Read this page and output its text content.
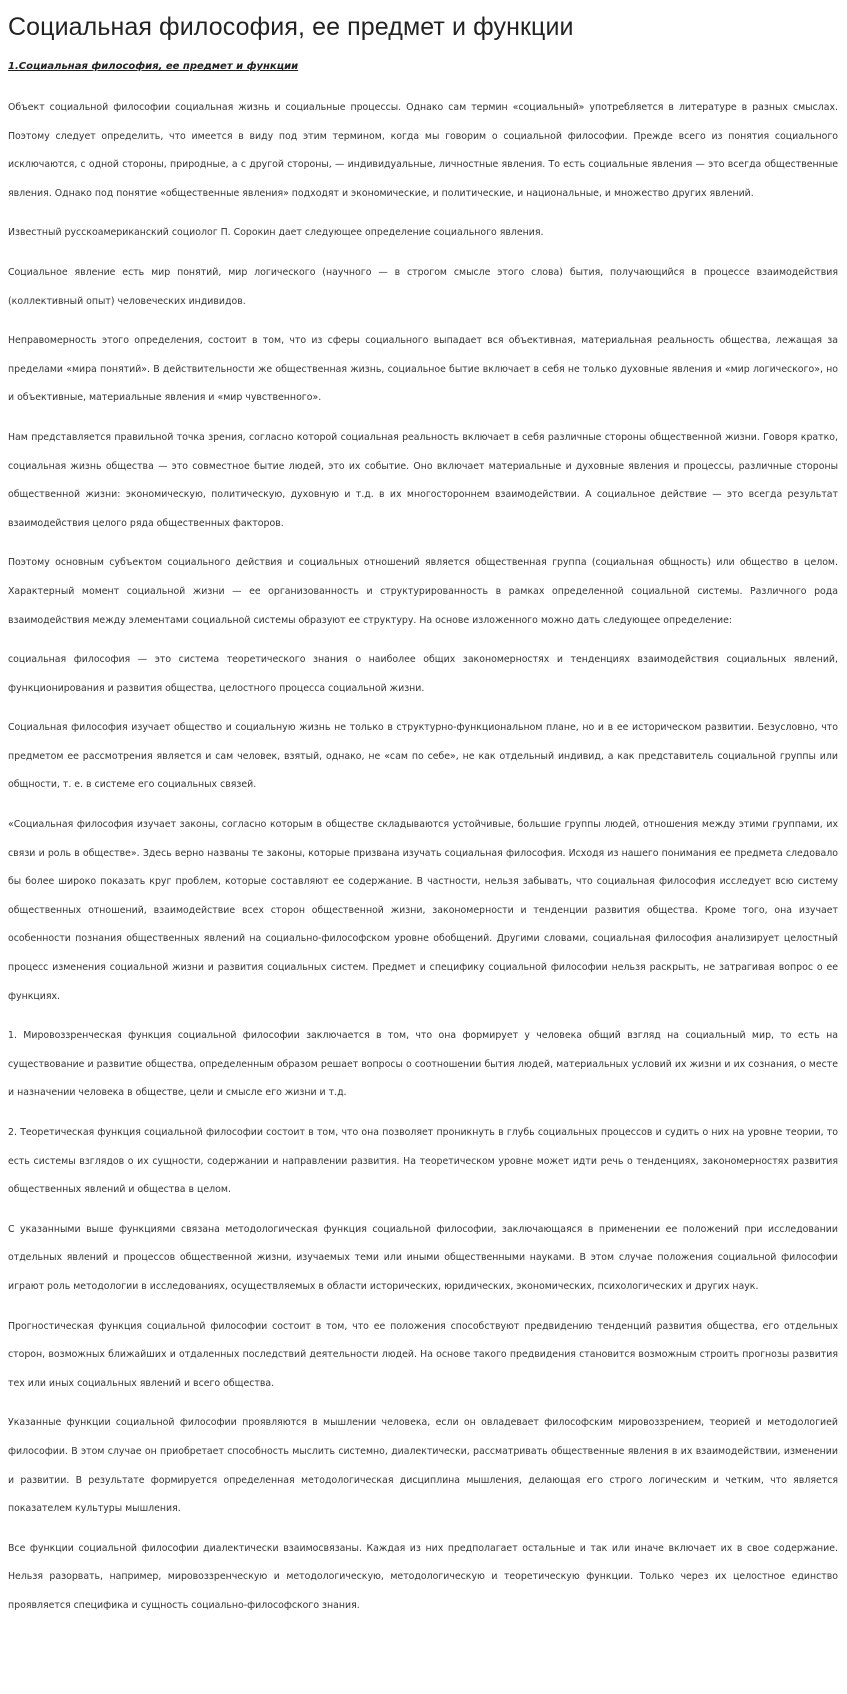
Социальная философия, ее предмет и функции
1.Социальная философия, ее предмет и функции

Объект социальной философии социальная жизнь и социальные процессы. Однако сам термин «социальный» употребляется в литературе в разных смыслах. Поэтому следует определить, что имеется в виду под этим термином, когда мы говорим о социальной философии. Прежде всего из понятия социального исключаются, с одной стороны, природные, а с другой стороны, — индивидуальные, личностные явления. То есть социальные явления — это всегда общественные явления. Однако под понятие «общественные явления» подходят и экономические, и политические, и национальные, и множество других явлений.

Известный русскоамериканский социолог П. Сорокин дает следующее определение социального явления.

Социальное явление есть мир понятий, мир логического (научного — в строгом смысле этого слова) бытия, получающийся в процессе взаимодействия (коллективный опыт) человеческих индивидов.

Неправомерность этого определения, состоит в том, что из сферы социального выпадает вся объективная, материальная реальность общества, лежащая за пределами «мира понятий». В действительности же общественная жизнь, социальное бытие включает в себя не только духовные явления и «мир логического», но и объективные, материальные явления и «мир чувственного».

Нам представляется правильной точка зрения, согласно которой социальная реальность включает в себя различные стороны общественной жизни. Говоря кратко, социальная жизнь общества — это совместное бытие людей, это их событие. Оно включает материальные и духовные явления и процессы, различные стороны общественной жизни: экономическую, политическую, духовную и т.д. в их многостороннем взаимодействии. А социальное действие — это всегда результат взаимодействия целого ряда общественных факторов.

Поэтому основным субъектом социального действия и социальных отношений является общественная группа (социальная общность) или общество в целом. Характерный момент социальной жизни — ее организованность и структурированность в рамках определенной социальной системы. Различного рода взаимодействия между элементами социальной системы образуют ее структуру. На основе изложенного можно дать следующее определение:

социальная философия — это система теоретического знания о наиболее общих закономерностях и тенденциях взаимодействия социальных явлений, функционирования и развития общества, целостного процесса социальной жизни.

Социальная философия изучает общество и социальную жизнь не только в структурно-функциональном плане, но и в ее историческом развитии. Безусловно, что предметом ее рассмотрения является и сам человек, взятый, однако, не «сам по себе», не как отдельный индивид, а как представитель социальной группы или общности, т. е. в системе его социальных связей.

«Социальная философия изучает законы, согласно которым в обществе складываются устойчивые, большие группы людей, отношения между этими группами, их связи и роль в обществе». Здесь верно названы те законы, которые призвана изучать социальная философия. Исходя из нашего понимания ее предмета следовало бы более широко показать круг проблем, которые составляют ее содержание. В частности, нельзя забывать, что социальная философия исследует всю систему общественных отношений, взаимодействие всех сторон общественной жизни, закономерности и тенденции развития общества. Кроме того, она изучает особенности познания общественных явлений на социально-философском уровне обобщений. Другими словами, социальная философия анализирует целостный процесс изменения социальной жизни и развития социальных систем. Предмет и специфику социальной философии нельзя раскрыть, не затрагивая вопрос о ее функциях.

1. Мировоззренческая функция социальной философии заключается в том, что она формирует у человека общий взгляд на социальный мир, то есть на существование и развитие общества, определенным образом решает вопросы о соотношении бытия людей, материальных условий их жизни и их сознания, о месте и назначении человека в обществе, цели и смысле его жизни и т.д.

2. Теоретическая функция социальной философии состоит в том, что она позволяет проникнуть в глубь социальных процессов и судить о них на уровне теории, то есть системы взглядов о их сущности, содержании и направлении развития. На теоретическом уровне может идти речь о тенденциях, закономерностях развития общественных явлений и общества в целом.

С указанными выше функциями связана методологическая функция социальной философии, заключающаяся в применении ее положений при исследовании отдельных явлений и процессов общественной жизни, изучаемых теми или иными общественными науками. В этом случае положения социальной философии играют роль методологии в исследованиях, осуществляемых в области исторических, юридических, экономических, психологических и других наук.

Прогностическая функция социальной философии состоит в том, что ее положения способствуют предвидению тенденций развития общества, его отдельных сторон, возможных ближайших и отдаленных последствий деятельности людей. На основе такого предвидения становится возможным строить прогнозы развития тех или иных социальных явлений и всего общества.

Указанные функции социальной философии проявляются в мышлении человека, если он овладевает философским мировоззрением, теорией и методологией философии. В этом случае он приобретает способность мыслить системно, диалектически, рассматривать общественные явления в их взаимодействии, изменении и развитии. В результате формируется определенная методологическая дисциплина мышления, делающая его строго логическим и четким, что является показателем культуры мышления.

Все функции социальной философии диалектически взаимосвязаны. Каждая из них предполагает остальные и так или иначе включает их в свое содержание. Нельзя разорвать, например, мировоззренческую и методологическую, методологическую и теоретическую функции. Только через их целостное единство проявляется специфика и сущность социально-философского знания.
